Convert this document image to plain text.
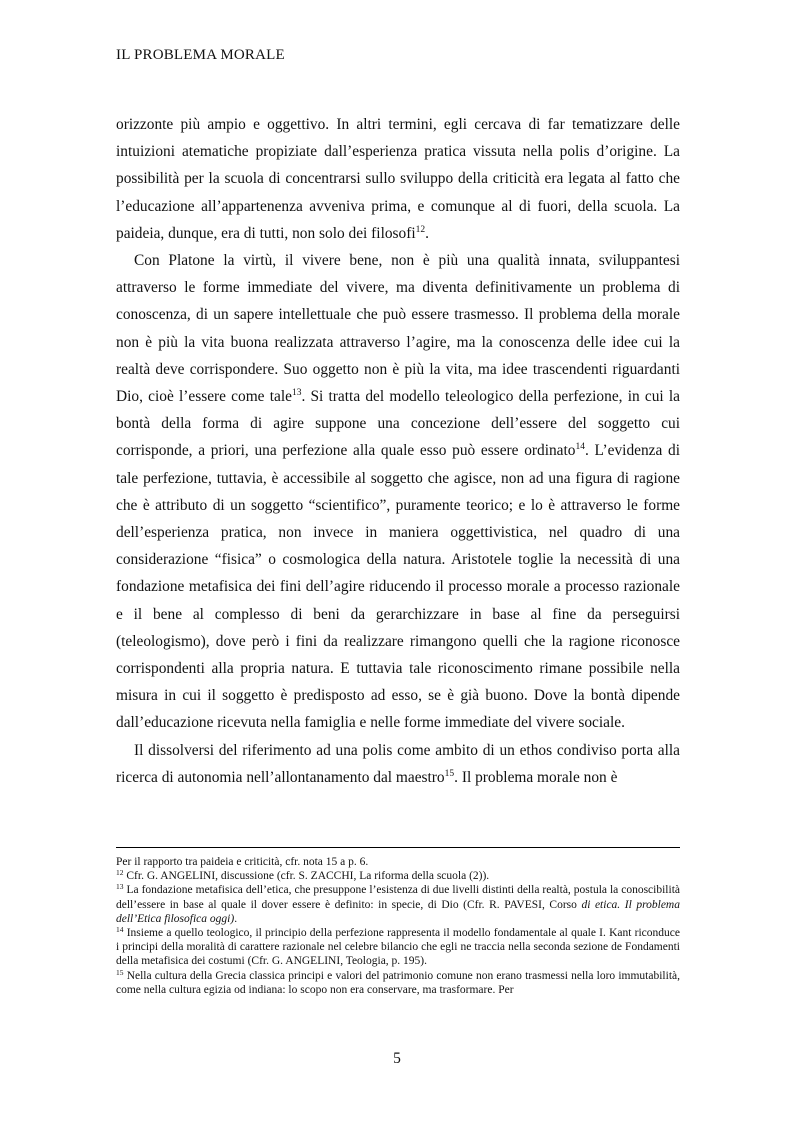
IL PROBLEMA MORALE

orizzonte più ampio e oggettivo. In altri termini, egli cercava di far tematizzare delle intuizioni atematiche propiziate dall’esperienza pratica vissuta nella polis d’origine. La possibilità per la scuola di concentrarsi sullo sviluppo della criticità era legata al fatto che l’educazione all’appartenenza avveniva prima, e comunque al di fuori, della scuola. La paideia, dunque, era di tutti, non solo dei filosofi$^{12}$.

Con Platone la virtù, il vivere bene, non è più una qualità innata, sviluppantesi attraverso le forme immediate del vivere, ma diventa definitivamente un problema di conoscenza, di un sapere intellettuale che può essere trasmesso. Il problema della morale non è più la vita buona realizzata attraverso l’agire, ma la conoscenza delle idee cui la realtà deve corrispondere. Suo oggetto non è più la vita, ma idee trascendenti riguardanti Dio, cioè l’essere come tale$^{13}$. Si tratta del modello teleologico della perfezione, in cui la bontà della forma di agire suppone una concezione dell’essere del soggetto cui corrisponde, a priori, una perfezione alla quale esso può essere ordinato$^{14}$. L’evidenza di tale perfezione, tuttavia, è accessibile al soggetto che agisce, non ad una figura di ragione che è attributo di un soggetto “scientifico”, puramente teorico; e lo è attraverso le forme dell’esperienza pratica, non invece in maniera oggettivistica, nel quadro di una considerazione “fisica” o cosmologica della natura. Aristotele toglie la necessità di una fondazione metafisica dei fini dell’agire riducendo il processo morale a processo razionale e il bene al complesso di beni da gerarchizzare in base al fine da perseguirsi (teleologismo), dove però i fini da realizzare rimangono quelli che la ragione riconosce corrispondenti alla propria natura. E tuttavia tale riconoscimento rimane possibile nella misura in cui il soggetto è predisposto ad esso, se è già buono. Dove la bontà dipende dall’educazione ricevuta nella famiglia e nelle forme immediate del vivere sociale.

Il dissolversi del riferimento ad una polis come ambito di un ethos condiviso porta alla ricerca di autonomia nell’allontanamento dal maestro$^{15}$. Il problema morale non è

Per il rapporto tra paideia e criticità, cfr. nota 15 a p. 6.
$^{12}$ Cfr. G. ANGELINI, discussione (cfr. S. ZACCHI, La riforma della scuola (2)).
$^{13}$ La fondazione metafisica dell’etica, che presuppone l’esistenza di due livelli distinti della realtà, postula la conoscibilità dell’essere in base al quale il dover essere è definito: in specie, di Dio (Cfr. R. PAVESI, Corso di etica. Il problema dell’Etica filosofica oggi).
$^{14}$ Insieme a quello teologico, il principio della perfezione rappresenta il modello fondamentale al quale I. Kant riconduce i principi della moralità di carattere razionale nel celebre bilancio che egli ne traccia nella seconda sezione de Fondamenti della metafisica dei costumi (Cfr. G. ANGELINI, Teologia, p. 195).
$^{15}$ Nella cultura della Grecia classica principi e valori del patrimonio comune non erano trasmessi nella loro immutabilità, come nella cultura egizia od indiana: lo scopo non era conservare, ma trasformare. Per
5
